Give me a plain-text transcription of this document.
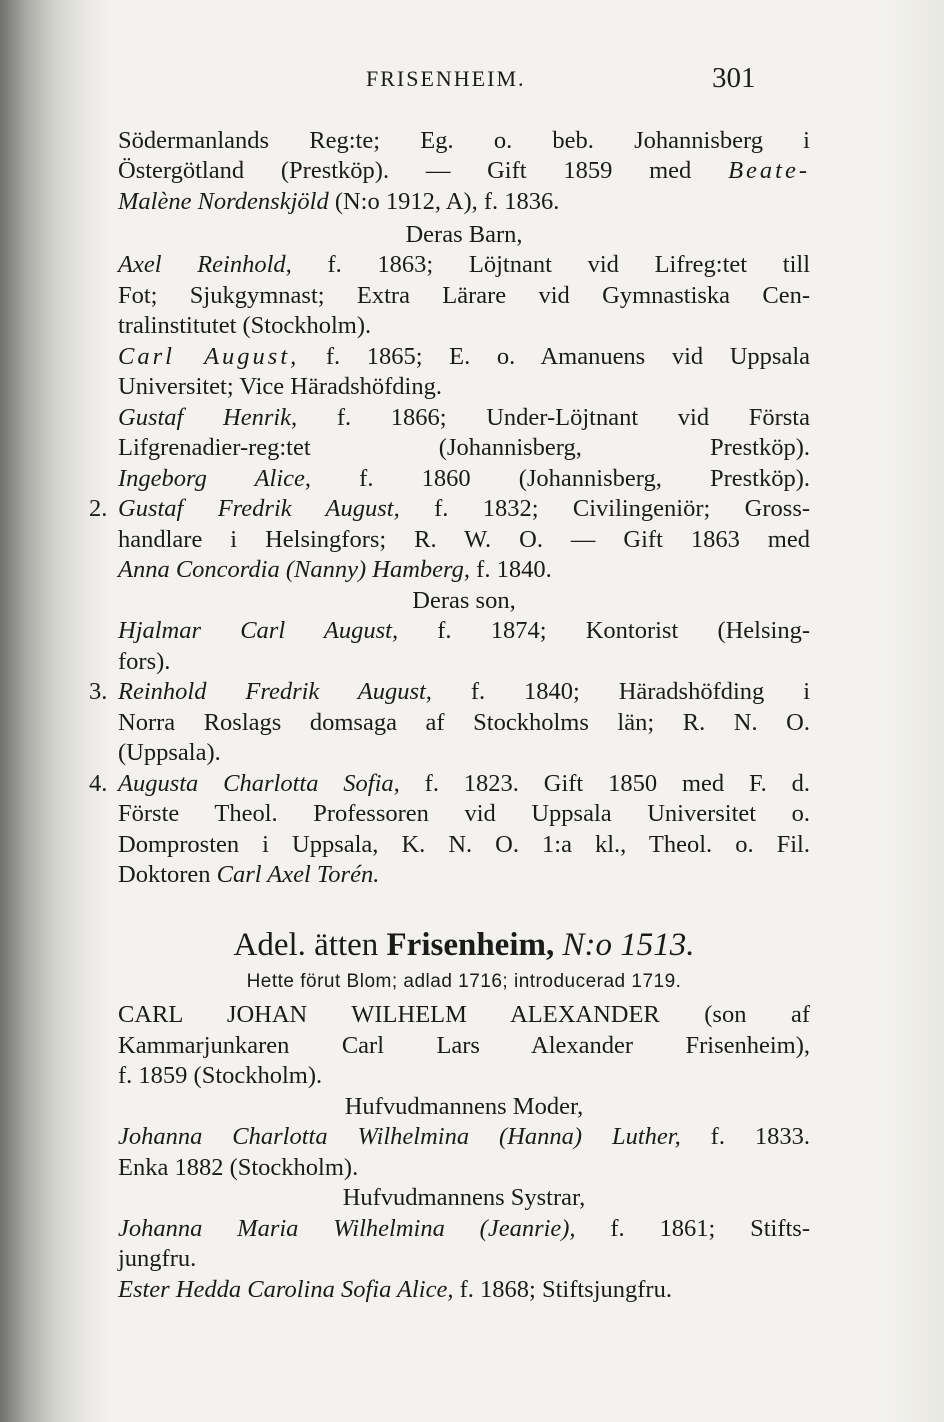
FRISENHEIM.	301
Södermanlands Reg:te; Eg. o. beb. Johannisberg i
Östergötland (Prestköp). — Gift 1859 med Beate-
Malène Nordenskjöld (N:o 1912, A), f. 1836.
Deras Barn,
Axel Reinhold, f. 1863; Löjtnant vid Lifreg:tet till
Fot; Sjukgymnast; Extra Lärare vid Gymnastiska Cen-
tralinstitutet (Stockholm).
Carl August, f. 1865; E. o. Amanuens vid Uppsala
Universitet; Vice Häradshöfding.
Gustaf Henrik, f. 1866; Under-Löjtnant vid Första
Lifgrenadier-reg:tet (Johannisberg, Prestköp).
Ingeborg Alice, f. 1860 (Johannisberg, Prestköp).
2. Gustaf Fredrik August, f. 1832; Civilingeniör; Gross-
handlare i Helsingfors; R. W. O. — Gift 1863 med
Anna Concordia (Nanny) Hamberg, f. 1840.
Deras son,
Hjalmar Carl August, f. 1874; Kontorist (Helsing-
fors).
3. Reinhold Fredrik August, f. 1840; Häradshöfding i
Norra Roslags domsaga af Stockholms län; R. N. O.
(Uppsala).
4. Augusta Charlotta Sofia, f. 1823. Gift 1850 med F. d.
Förste Theol. Professoren vid Uppsala Universitet o.
Domprosten i Uppsala, K. N. O. 1:a kl., Theol. o. Fil.
Doktoren Carl Axel Torén.
Adel. ätten Frisenheim, N:o 1513.
Hette förut Blom; adlad 1716; introducerad 1719.
CARL JOHAN WILHELM ALEXANDER (son af
Kammarjunkaren Carl Lars Alexander Frisenheim),
f. 1859 (Stockholm).
Hufvudmannens Moder,
Johanna Charlotta Wilhelmina (Hanna) Luther, f. 1833.
Enka 1882 (Stockholm).
Hufvudmannens Systrar,
Johanna Maria Wilhelmina (Jeanrie), f. 1861; Stifts-
jungfru.
Ester Hedda Carolina Sofia Alice, f. 1868; Stiftsjungfru.
